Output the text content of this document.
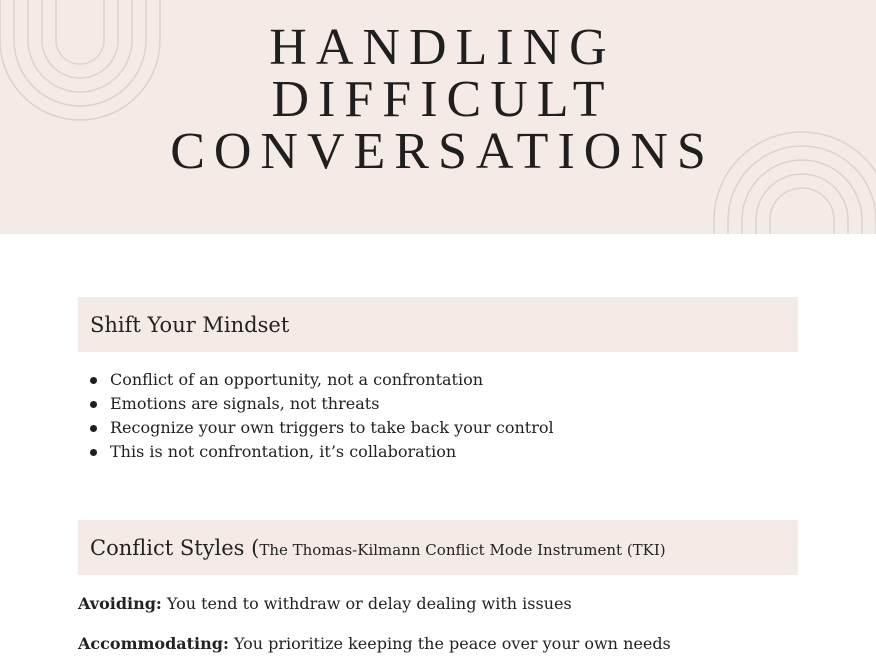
HANDLING
DIFFICULT
CONVERSATIONS
Shift Your Mindset
Conflict of an opportunity, not a confrontation
Emotions are signals, not threats
Recognize your own triggers to take back your control
This is not confrontation, it’s collaboration
Conflict Styles (The Thomas-Kilmann Conflict Mode Instrument (TKI)
Avoiding: You tend to withdraw or delay dealing with issues
Accommodating: You prioritize keeping the peace over your own needs
